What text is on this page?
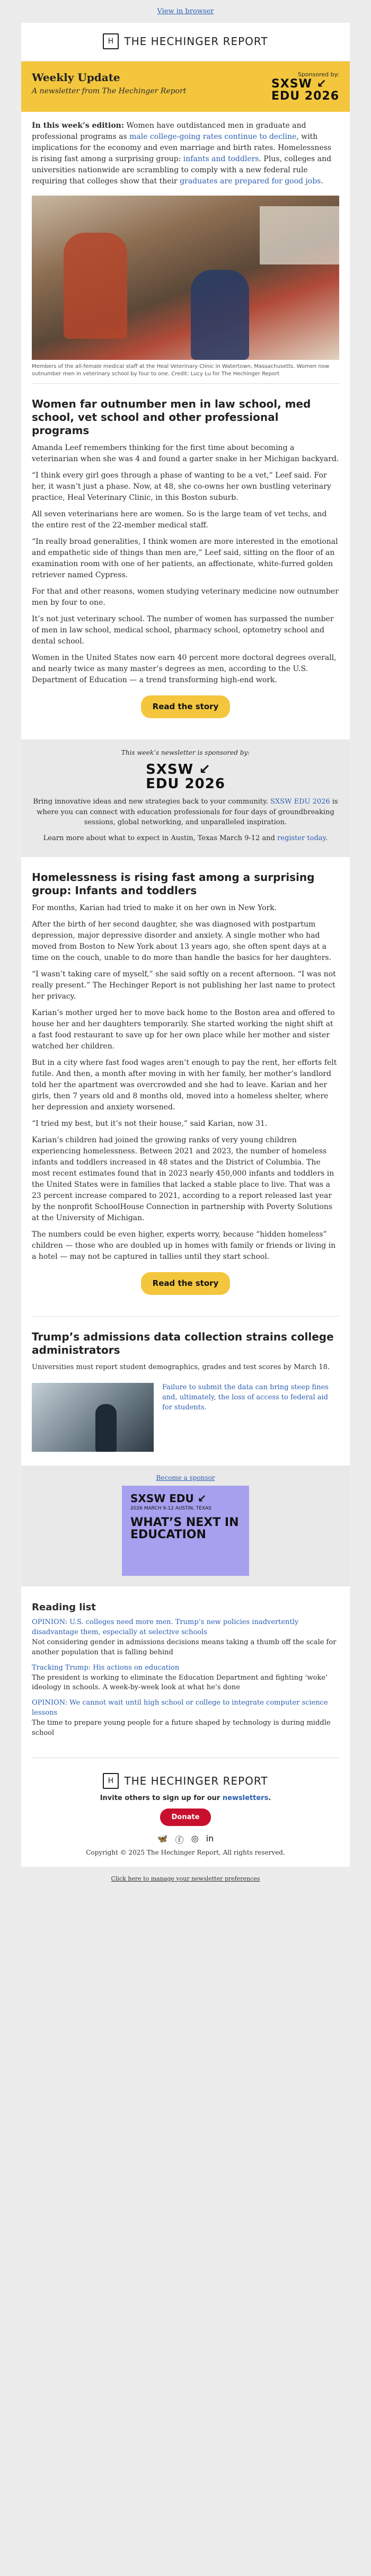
View in browser
H THE HECHINGER REPORT
Weekly Update
A newsletter from The Hechinger Report
Sponsored by:
SXSW ↙
EDU 2026
In this week’s edition: Women have outdistanced men in graduate and professional programs as male college-going rates continue to decline, with implications for the economy and even marriage and birth rates. Homelessness is rising fast among a surprising group: infants and toddlers. Plus, colleges and universities nationwide are scrambling to comply with a new federal rule requiring that colleges show that their graduates are prepared for good jobs.
Members of the all-female medical staff at the Heal Veterinary Clinic in Watertown, Massachusetts. Women now outnumber men in veterinary school by four to one. Credit: Lucy Lu for The Hechinger Report
Women far outnumber men in law school, med school, vet school and other professional programs

Amanda Leef remembers thinking for the first time about becoming a veterinarian when she was 4 and found a garter snake in her Michigan backyard.

“I think every girl goes through a phase of wanting to be a vet,” Leef said. For her, it wasn’t just a phase. Now, at 48, she co-owns her own bustling veterinary practice, Heal Veterinary Clinic, in this Boston suburb.

All seven veterinarians here are women. So is the large team of vet techs, and the entire rest of the 22-member medical staff.

“In really broad generalities, I think women are more interested in the emotional and empathetic side of things than men are,” Leef said, sitting on the floor of an examination room with one of her patients, an affectionate, white-furred golden retriever named Cypress.

For that and other reasons, women studying veterinary medicine now outnumber men by four to one.

It’s not just veterinary school. The number of women has surpassed the number of men in law school, medical school, pharmacy school, optometry school and dental school.

Women in the United States now earn 40 percent more doctoral degrees overall, and nearly twice as many master’s degrees as men, according to the U.S. Department of Education — a trend transforming high-end work.

Read the story
This week’s newsletter is sponsored by:
SXSW ↙
EDU 2026

Bring innovative ideas and new strategies back to your community. SXSW EDU 2026 is where you can connect with education professionals for four days of groundbreaking sessions, global networking, and unparalleled inspiration.

Learn more about what to expect in Austin, Texas March 9-12 and register today.

Homelessness is rising fast among a surprising group: Infants and toddlers

For months, Karian had tried to make it on her own in New York.

After the birth of her second daughter, she was diagnosed with postpartum depression, major depressive disorder and anxiety. A single mother who had moved from Boston to New York about 13 years ago, she often spent days at a time on the couch, unable to do more than handle the basics for her daughters.

“I wasn’t taking care of myself,” she said softly on a recent afternoon. “I was not really present.” The Hechinger Report is not publishing her last name to protect her privacy.

Karian’s mother urged her to move back home to the Boston area and offered to house her and her daughters temporarily. She started working the night shift at a fast food restaurant to save up for her own place while her mother and sister watched her children.

But in a city where fast food wages aren’t enough to pay the rent, her efforts felt futile. And then, a month after moving in with her family, her mother’s landlord told her the apartment was overcrowded and she had to leave. Karian and her girls, then 7 years old and 8 months old, moved into a homeless shelter, where her depression and anxiety worsened.

“I tried my best, but it’s not their house,” said Karian, now 31.

Karian’s children had joined the growing ranks of very young children experiencing homelessness. Between 2021 and 2023, the number of homeless infants and toddlers increased in 48 states and the District of Columbia. The most recent estimates found that in 2023 nearly 450,000 infants and toddlers in the United States were in families that lacked a stable place to live. That was a 23 percent increase compared to 2021, according to a report released last year by the nonprofit SchoolHouse Connection in partnership with Poverty Solutions at the University of Michigan.

The numbers could be even higher, experts worry, because “hidden homeless” children — those who are doubled up in homes with family or friends or living in a hotel — may not be captured in tallies until they start school.

Read the story
Trump’s admissions data collection strains college administrators

Universities must report student demographics, grades and test scores by March 18.

Failure to submit the data can bring steep fines and, ultimately, the loss of access to federal aid for students.
Become a sponsor
SXSW EDU ↙
2026 MARCH 9-12 AUSTIN, TEXAS
WHAT’S NEXT IN EDUCATION
Reading list
OPINION: U.S. colleges need more men. Trump’s new policies inadvertently disadvantage them, especially at selective schools
Not considering gender in admissions decisions means taking a thumb off the scale for another population that is falling behind
Tracking Trump: His actions on education
The president is working to eliminate the Education Department and fighting ‘woke’ ideology in schools. A week-by-week look at what he’s done
OPINION: We cannot wait until high school or college to integrate computer science lessons
The time to prepare young people for a future shaped by technology is during middle school
H THE HECHINGER REPORT
Invite others to sign up for our newsletters.
Donate
🦋 ⓕ ◎ in
Copyright © 2025 The Hechinger Report, All rights reserved.
Click here to manage your newsletter preferences
